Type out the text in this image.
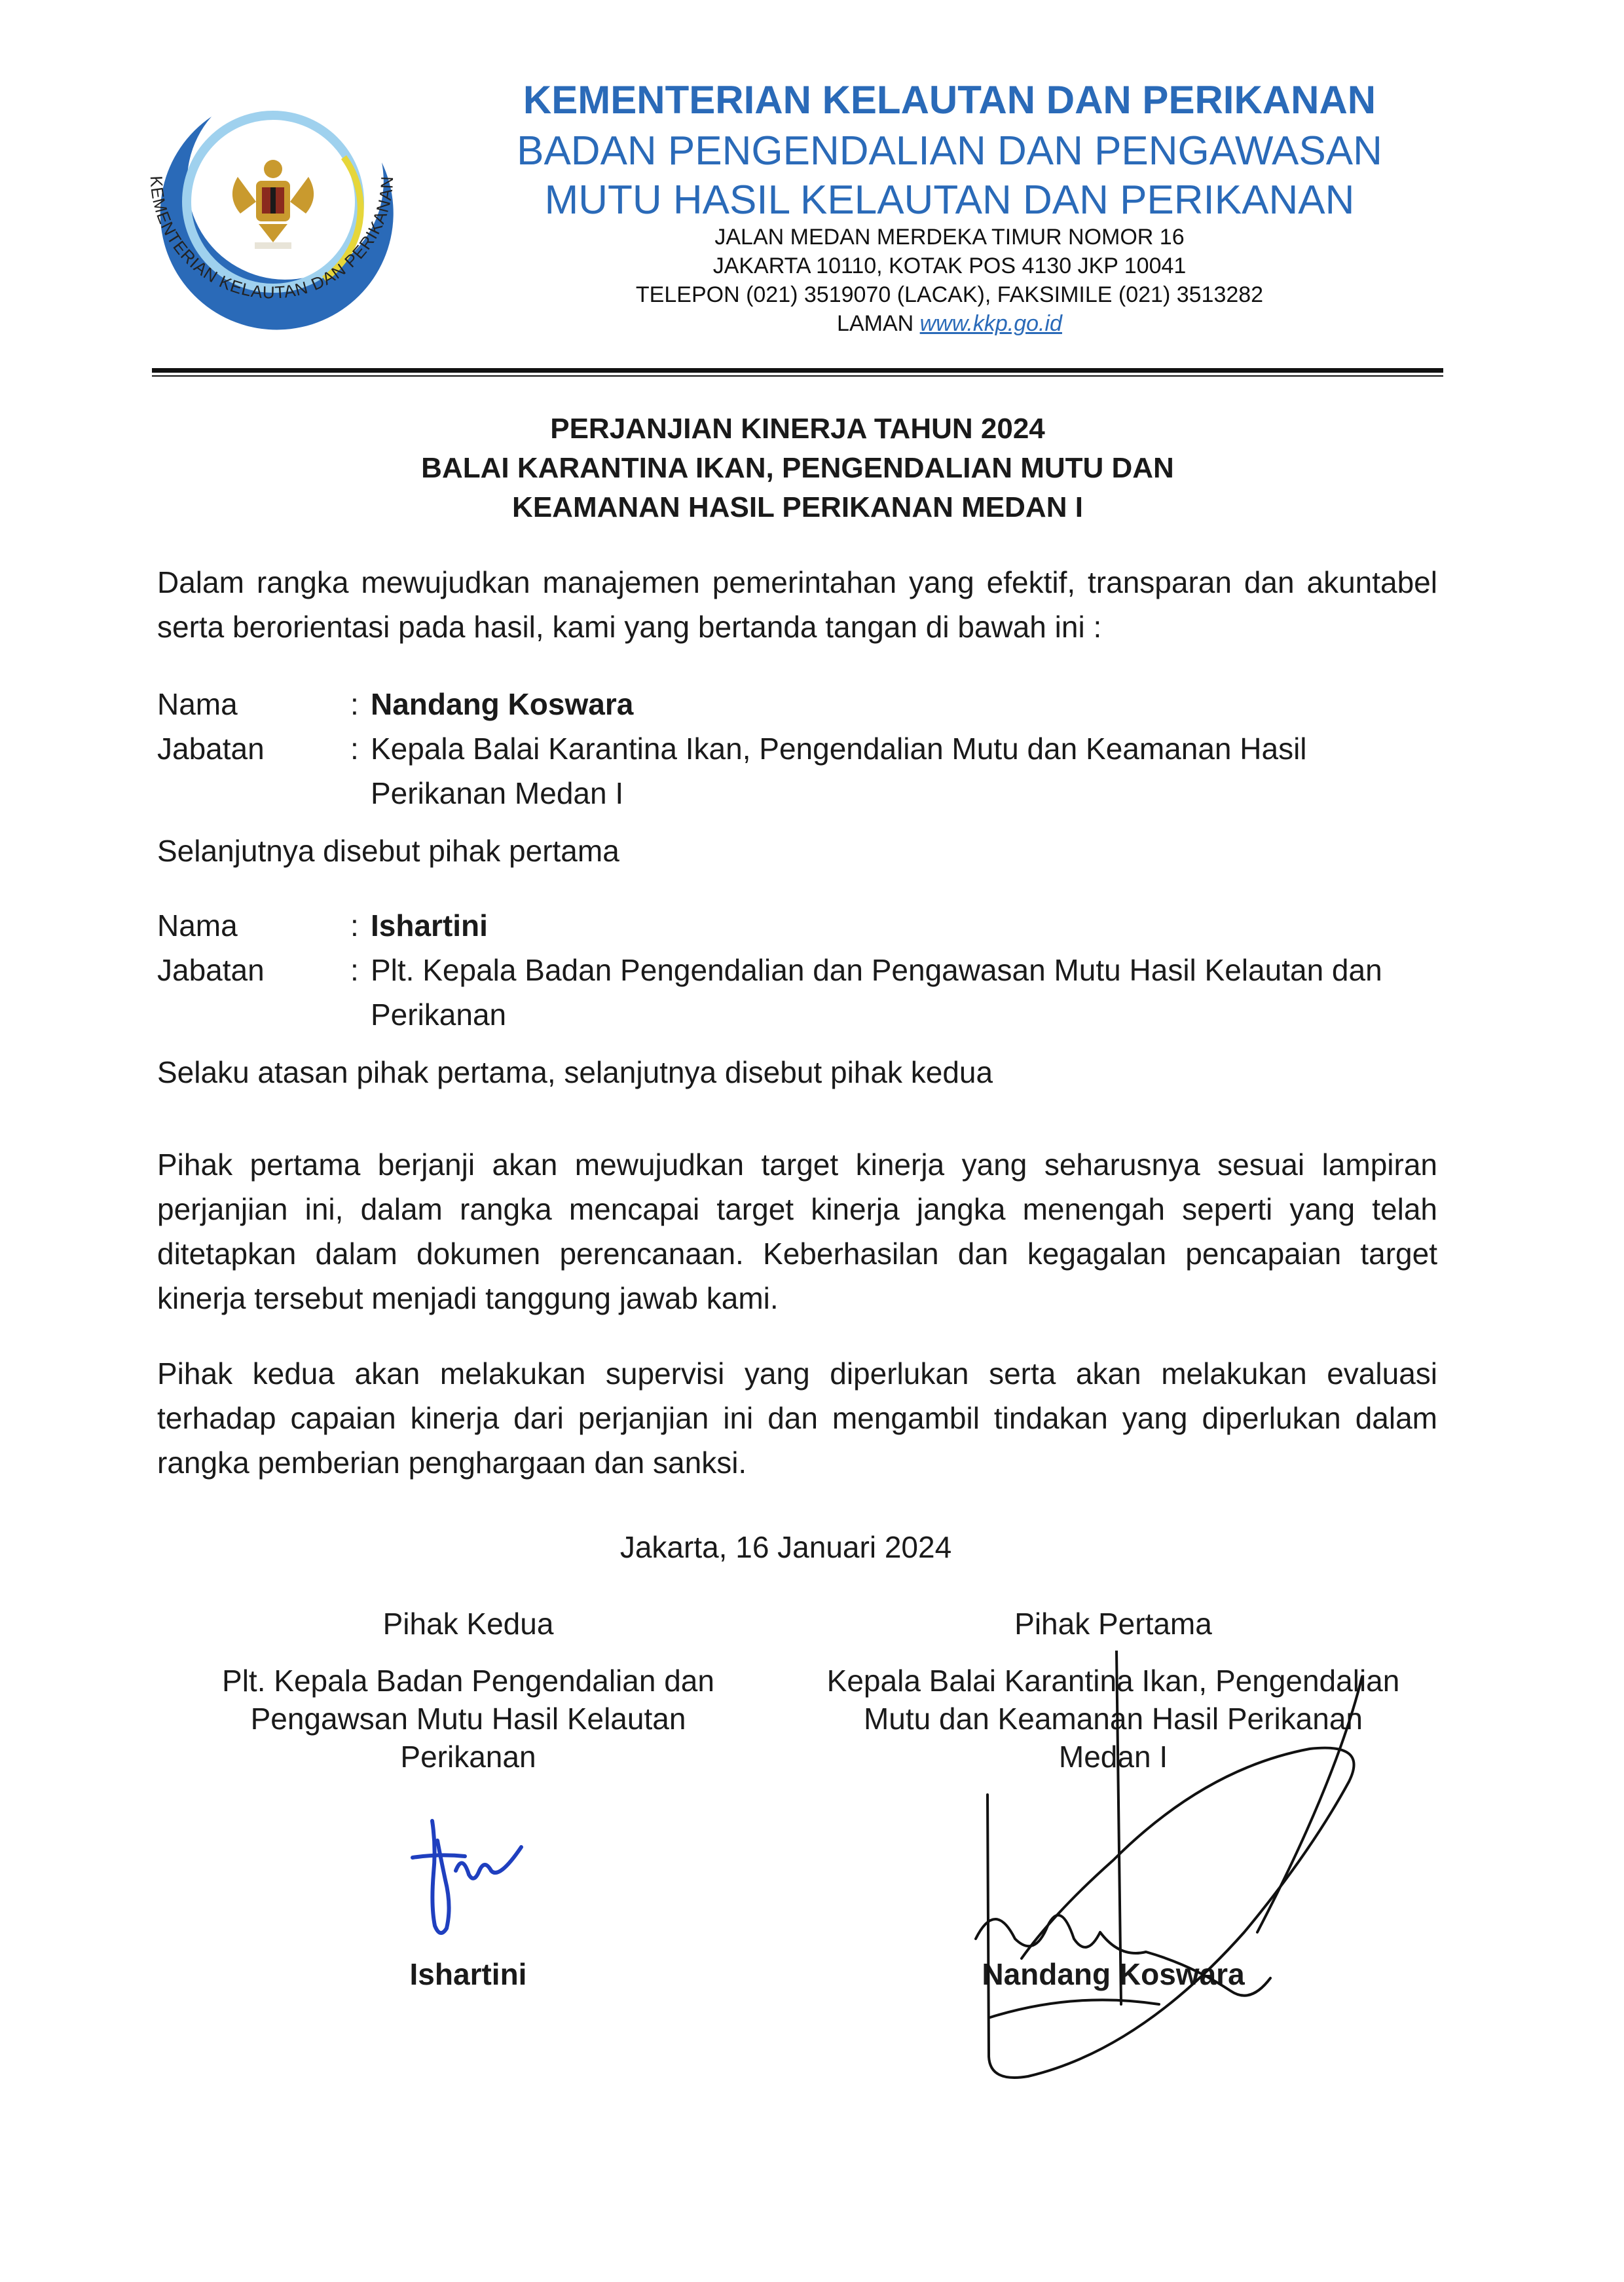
KEMENTERIAN KELAUTAN DAN PERIKANAN
KEMENTERIAN KELAUTAN DAN PERIKANAN
BADAN PENGENDALIAN DAN PENGAWASAN
MUTU HASIL KELAUTAN DAN PERIKANAN
JALAN MEDAN MERDEKA TIMUR NOMOR 16
JAKARTA 10110, KOTAK POS 4130 JKP 10041
TELEPON (021) 3519070 (LACAK), FAKSIMILE (021) 3513282
LAMAN www.kkp.go.id
PERJANJIAN KINERJA TAHUN 2024
BALAI KARANTINA IKAN, PENGENDALIAN MUTU DAN
KEAMANAN HASIL PERIKANAN MEDAN I
Dalam rangka mewujudkan manajemen pemerintahan yang efektif, transparan dan akuntabel serta berorientasi pada hasil, kami yang bertanda tangan di bawah ini :
Nama	: Nandang Koswara
Jabatan	: Kepala Balai Karantina Ikan, Pengendalian Mutu dan Keamanan Hasil Perikanan Medan I
Selanjutnya disebut pihak pertama
Nama	: Ishartini
Jabatan	: Plt. Kepala Badan Pengendalian dan Pengawasan Mutu Hasil Kelautan dan Perikanan
Selaku atasan pihak pertama, selanjutnya disebut pihak kedua
Pihak pertama berjanji akan mewujudkan target kinerja yang seharusnya sesuai lampiran perjanjian ini, dalam rangka mencapai target kinerja jangka menengah seperti yang telah ditetapkan dalam dokumen perencanaan. Keberhasilan dan kegagalan pencapaian target kinerja tersebut menjadi tanggung jawab kami.
Pihak kedua akan melakukan supervisi yang diperlukan serta akan melakukan evaluasi terhadap capaian kinerja dari perjanjian ini dan mengambil tindakan yang diperlukan dalam rangka pemberian penghargaan dan sanksi.
Jakarta, 16 Januari 2024
Pihak Kedua
Plt. Kepala Badan Pengendalian dan
Pengawsan Mutu Hasil Kelautan
Perikanan
Ishartini
Pihak Pertama
Kepala Balai Karantina Ikan, Pengendalian
Mutu dan Keamanan Hasil Perikanan
Medan I
Nandang Koswara
